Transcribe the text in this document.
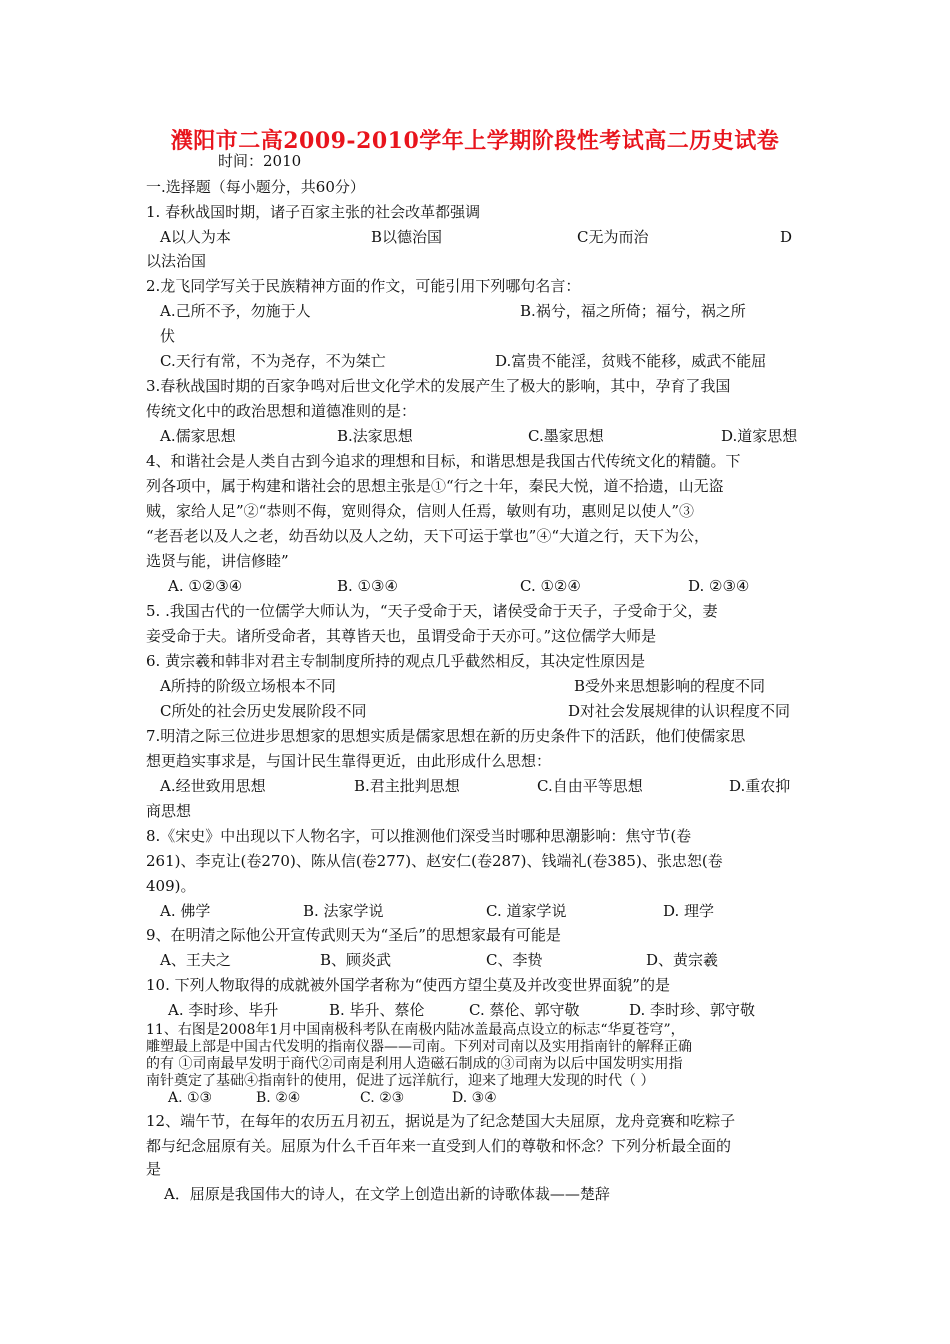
濮阳市二高2009-2010学年上学期阶段性考试高二历史试卷
时间：2010
一.选择题（每小题分，共60分）
1. 春秋战国时期，诸子百家主张的社会改革都强调
A以人为本	B以德治国	C无为而治	D
以法治国
2.龙飞同学写关于民族精神方面的作文，可能引用下列哪句名言：
A.己所不予，勿施于人	B.祸兮，福之所倚；福兮，祸之所
伏
C.天行有常，不为尧存，不为桀亡	D.富贵不能淫，贫贱不能移，威武不能屈
3.春秋战国时期的百家争鸣对后世文化学术的发展产生了极大的影响，其中，孕育了我国
传统文化中的政治思想和道德准则的是：
A.儒家思想	B.法家思想	C.墨家思想	D.道家思想
4、和谐社会是人类自古到今追求的理想和目标，和谐思想是我国古代传统文化的精髓。下
列各项中，属于构建和谐社会的思想主张是①“行之十年，秦民大悦，道不拾遗，山无盗
贼，家给人足”②“恭则不侮，宽则得众，信则人任焉，敏则有功，惠则足以使人”③
“老吾老以及人之老，幼吾幼以及人之幼，天下可运于掌也”④“大道之行，天下为公，
选贤与能，讲信修睦”
A. ①②③④	B. ①③④	C. ①②④	D. ②③④
5. .我国古代的一位儒学大师认为，“天子受命于天，诸侯受命于天子，子受命于父，妻
妾受命于夫。诸所受命者，其尊皆天也，虽谓受命于天亦可。”这位儒学大师是
6. 黄宗羲和韩非对君主专制制度所持的观点几乎截然相反，其决定性原因是
A所持的阶级立场根本不同	B受外来思想影响的程度不同
C所处的社会历史发展阶段不同	D对社会发展规律的认识程度不同
7.明清之际三位进步思想家的思想实质是儒家思想在新的历史条件下的活跃，他们使儒家思
想更趋实事求是，与国计民生靠得更近，由此形成什么思想：
A.经世致用思想	B.君主批判思想	C.自由平等思想	D.重农抑
商思想
8.《宋史》中出现以下人物名字，可以推测他们深受当时哪种思潮影响：焦守节(卷
261)、李克让(卷270)、陈从信(卷277)、赵安仁(卷287)、钱端礼(卷385)、张忠恕(卷
409)。
A. 佛学	B. 法家学说	C. 道家学说	D. 理学
9、在明清之际他公开宣传武则天为“圣后”的思想家最有可能是
A、王夫之	B、顾炎武	C、李贽	D、黄宗羲
10. 下列人物取得的成就被外国学者称为“使西方望尘莫及并改变世界面貌”的是
A. 李时珍、毕升	B. 毕升、蔡伦	C. 蔡伦、郭守敬	D. 李时珍、郭守敬
11、右图是2008年1月中国南极科考队在南极内陆冰盖最高点设立的标志“华夏苍穹”，
雕塑最上部是中国古代发明的指南仪器——司南。下列对司南以及实用指南针的解释正确
的有 ①司南最早发明于商代②司南是利用人造磁石制成的③司南为以后中国发明实用指
南针奠定了基础④指南针的使用，促进了远洋航行，迎来了地理大发现的时代（ ）
A. ①③	B. ②④	C. ②③	D. ③④
12、端午节，在每年的农历五月初五，据说是为了纪念楚国大夫屈原，龙舟竞赛和吃粽子
都与纪念屈原有关。屈原为什么千百年来一直受到人们的尊敬和怀念？下列分析最全面的
是
A．屈原是我国伟大的诗人，在文学上创造出新的诗歌体裁——楚辞
